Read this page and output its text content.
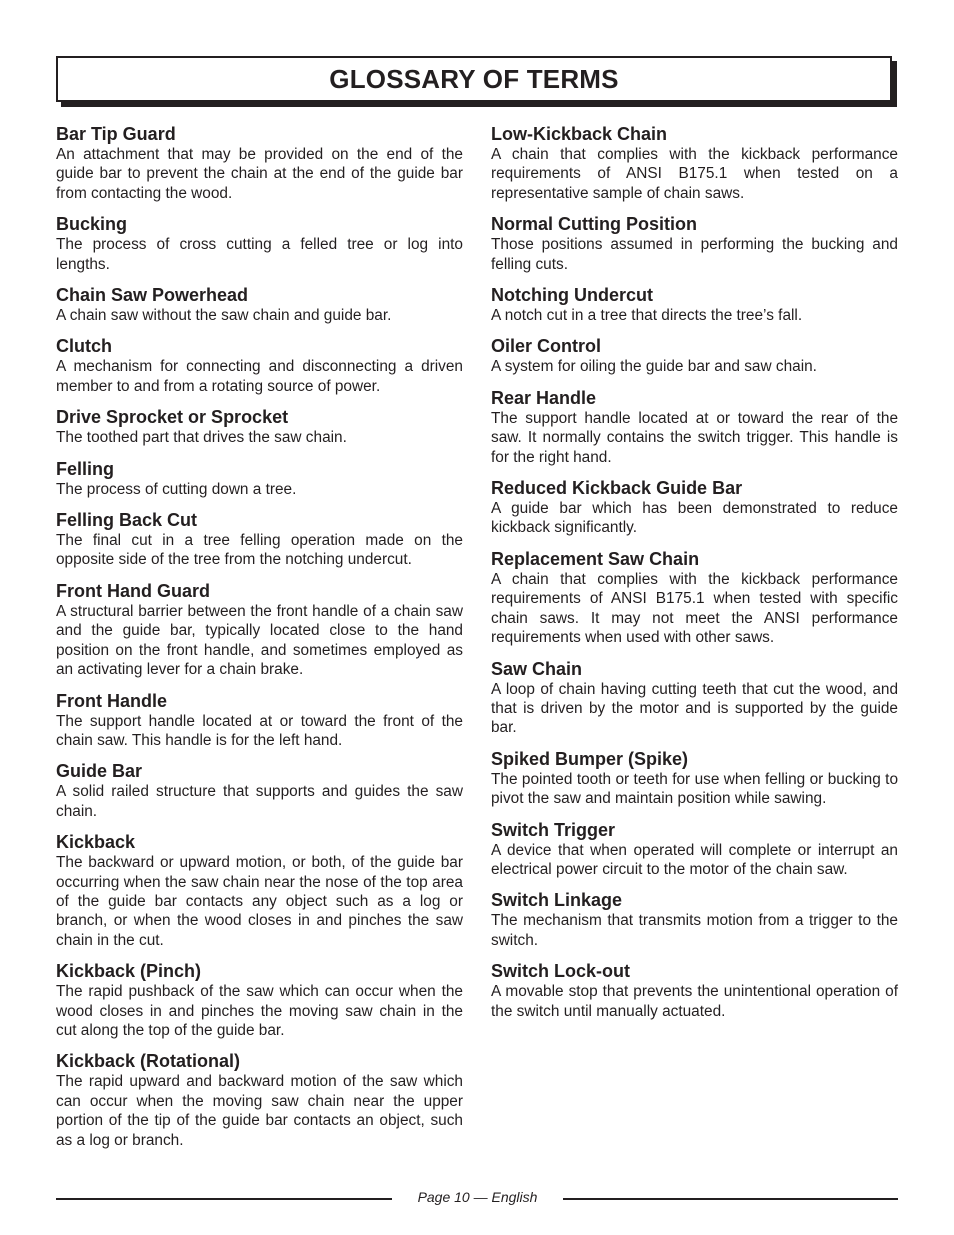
GLOSSARY OF TERMS
Bar Tip Guard
An attachment that may be provided on the end of the guide bar to prevent the chain at the end of the guide bar from contacting the wood.
Bucking
The process of cross cutting a felled tree or log into lengths.
Chain Saw Powerhead
A chain saw without the saw chain and guide bar.
Clutch
A mechanism for connecting and disconnecting a driven member to and from a rotating source of power.
Drive Sprocket or Sprocket
The toothed part that drives the saw chain.
Felling
The process of cutting down a tree.
Felling Back Cut
The final cut in a tree felling operation made on the opposite side of the tree from the notching undercut.
Front Hand Guard
A structural barrier between the front handle of a chain saw and the guide bar, typically located close to the hand position on the front handle, and sometimes employed as an activating lever for a chain brake.
Front Handle
The support handle located at or toward the front of the chain saw. This handle is for the left hand.
Guide Bar
A solid railed structure that supports and guides the saw chain.
Kickback
The backward or upward motion, or both, of the guide bar occurring when the saw chain near the nose of the top area of the guide bar contacts any object such as a log or branch, or when the wood closes in and pinches the saw chain in the cut.
Kickback (Pinch)
The rapid pushback of the saw which can occur when the wood closes in and pinches the moving saw chain in the cut along the top of the guide bar.
Kickback (Rotational)
The rapid upward and backward motion of the saw which can occur when the moving saw chain near the upper portion of the tip of the guide bar contacts an object, such as a log or branch.
Low-Kickback Chain
A chain that complies with the kickback performance requirements of ANSI B175.1 when tested on a representative sample of chain saws.
Normal Cutting Position
Those positions assumed in performing the bucking and felling cuts.
Notching Undercut
A notch cut in a tree that directs the tree’s fall.
Oiler Control
A system for oiling the guide bar and saw chain.
Rear Handle
The support handle located at or toward the rear of the saw. It normally contains the switch trigger. This handle is for the right hand.
Reduced Kickback Guide Bar
A guide bar which has been demonstrated to reduce kickback significantly.
Replacement Saw Chain
A chain that complies with the kickback performance requirements of ANSI B175.1 when tested with specific chain saws. It may not meet the ANSI performance requirements when used with other saws.
Saw Chain
A loop of chain having cutting teeth that cut the wood, and that is driven by the motor and is supported by the guide bar.
Spiked Bumper (Spike)
The pointed tooth or teeth for use when felling or bucking to pivot the saw and maintain position while sawing.
Switch Trigger
A device that when operated will complete or interrupt an electrical power circuit to the motor of the chain saw.
Switch Linkage
The mechanism that transmits motion from a trigger to the switch.
Switch Lock-out
A movable stop that prevents the unintentional operation of the switch until manually actuated.
Page 10 — English
